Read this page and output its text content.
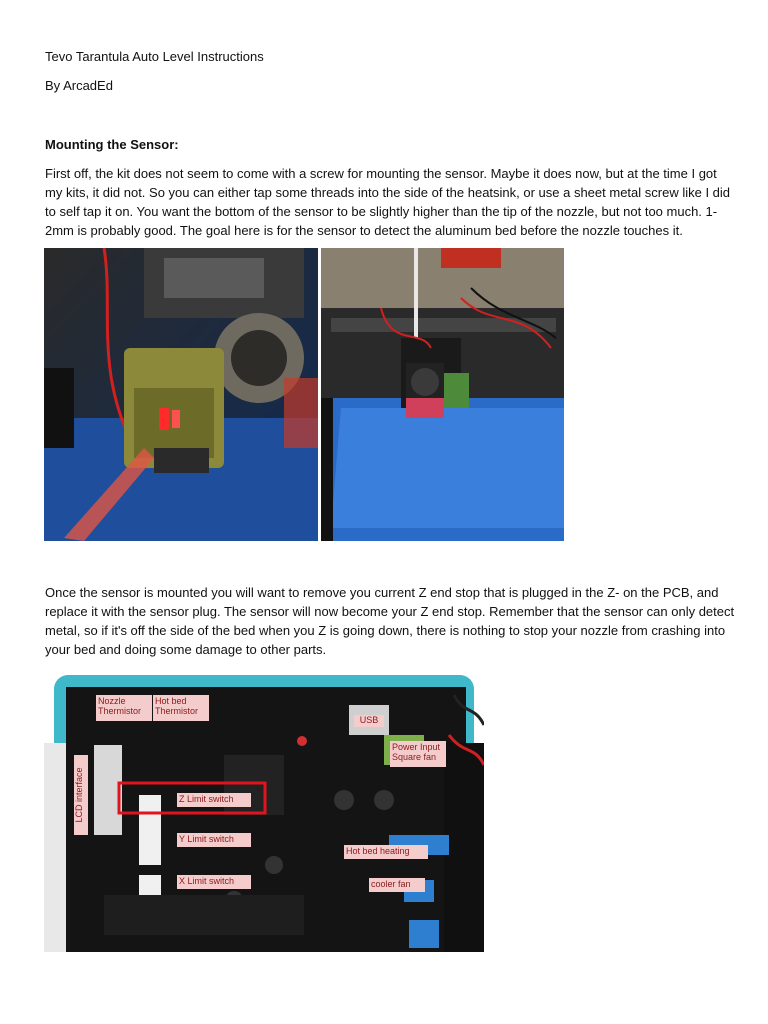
Tevo Tarantula Auto Level Instructions
By ArcadEd
Mounting the Sensor:
First off, the kit does not seem to come with a screw for mounting the sensor. Maybe it does now, but at the time I got my kits, it did not. So you can either tap some threads into the side of the heatsink, or use a sheet metal screw like I did to self tap it on. You want the bottom of the sensor to be slightly higher than the tip of the nozzle, but not too much. 1-2mm is probably good. The goal here is for the sensor to detect the aluminum bed before the nozzle touches it.
Once the sensor is mounted you will want to remove you current Z end stop that is plugged in the Z- on the PCB, and replace it with the sensor plug. The sensor will now become your Z end stop. Remember that the sensor can only detect metal, so if it's off the side of the bed when you Z is going down, there is nothing to stop your nozzle from crashing into your bed and doing some damage to other parts.
Nozzle
Thermistor
Hot bed
Thermistor
USB
Power Input
Square fan
LCD interface	Z Limit switch
Y Limit switch
X Limit switch
Hot bed heating
cooler fan
